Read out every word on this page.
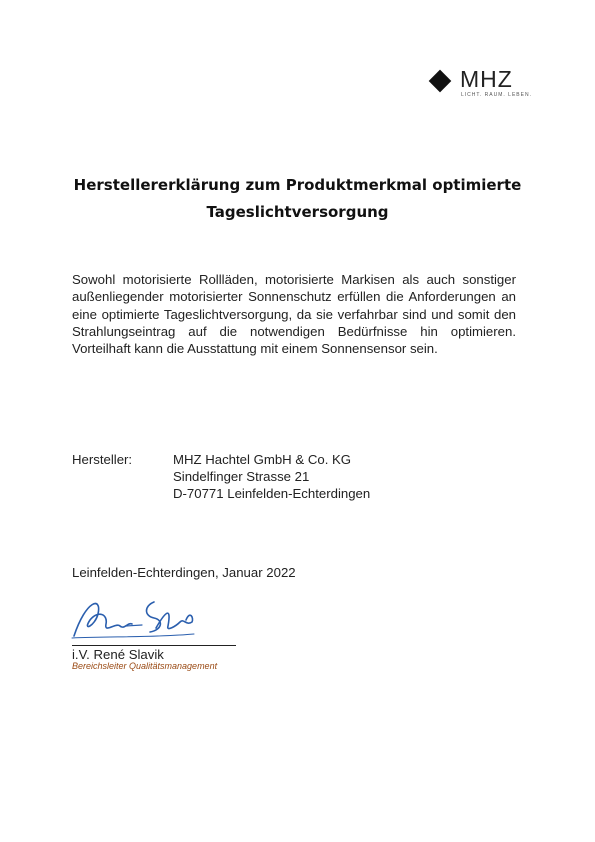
MHZ
LICHT. RAUM. LEBEN.
Herstellererklärung zum Produktmerkmal optimierte
Tageslichtversorgung
Sowohl motorisierte Rollläden, motorisierte Markisen als auch sonstiger außenliegender motorisierter Sonnenschutz erfüllen die Anforderungen an eine optimierte Tageslichtversorgung, da sie verfahrbar sind und somit den Strahlungseintrag auf die notwendigen Bedürfnisse hin optimieren. Vorteilhaft kann die Ausstattung mit einem Sonnensensor sein.
Hersteller:	MHZ Hachtel GmbH & Co. KG
Sindelfinger Strasse 21
D-70771 Leinfelden-Echterdingen
Leinfelden-Echterdingen, Januar 2022
i.V. René Slavik
Bereichsleiter Qualitätsmanagement
